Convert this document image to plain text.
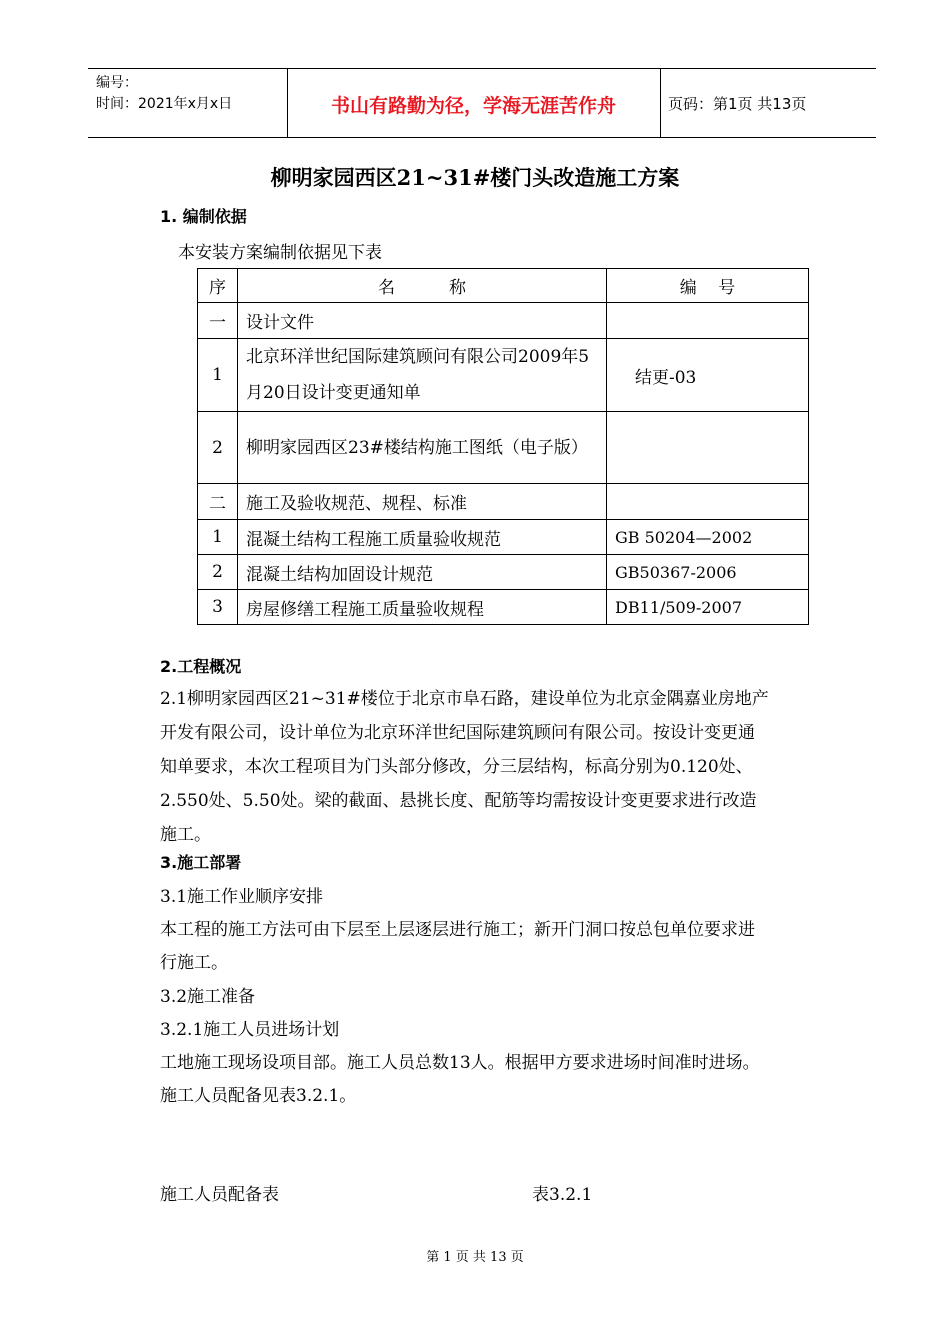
编号：
时间：2021年x月x日	书山有路勤为径，学海无涯苦作舟	页码：第1页 共13页
柳明家园西区21~31#楼门头改造施工方案
1. 编制依据
本安装方案编制依据见下表
序	名          称	编    号
一	设计文件	
1	北京环洋世纪国际建筑顾问有限公司2009年5月20日设计变更通知单	结更-03
2	柳明家园西区23#楼结构施工图纸（电子版）	
二	施工及验收规范、规程、标准	
1	混凝土结构工程施工质量验收规范	GB 50204—2002
2	混凝土结构加固设计规范	GB50367-2006
3	房屋修缮工程施工质量验收规程	DB11/509-2007
2.工程概况
2.1柳明家园西区21~31#楼位于北京市阜石路，建设单位为北京金隅嘉业房地产
开发有限公司，设计单位为北京环洋世纪国际建筑顾问有限公司。按设计变更通
知单要求，本次工程项目为门头部分修改，分三层结构，标高分别为0.120处、
2.550处、5.50处。梁的截面、悬挑长度、配筋等均需按设计变更要求进行改造
施工。
3.施工部署
3.1施工作业顺序安排
本工程的施工方法可由下层至上层逐层进行施工；新开门洞口按总包单位要求进
行施工。
3.2施工准备
3.2.1施工人员进场计划
工地施工现场设项目部。施工人员总数13人。根据甲方要求进场时间准时进场。
施工人员配备见表3.2.1。
施工人员配备表	表3.2.1
第 1 页 共 13 页
